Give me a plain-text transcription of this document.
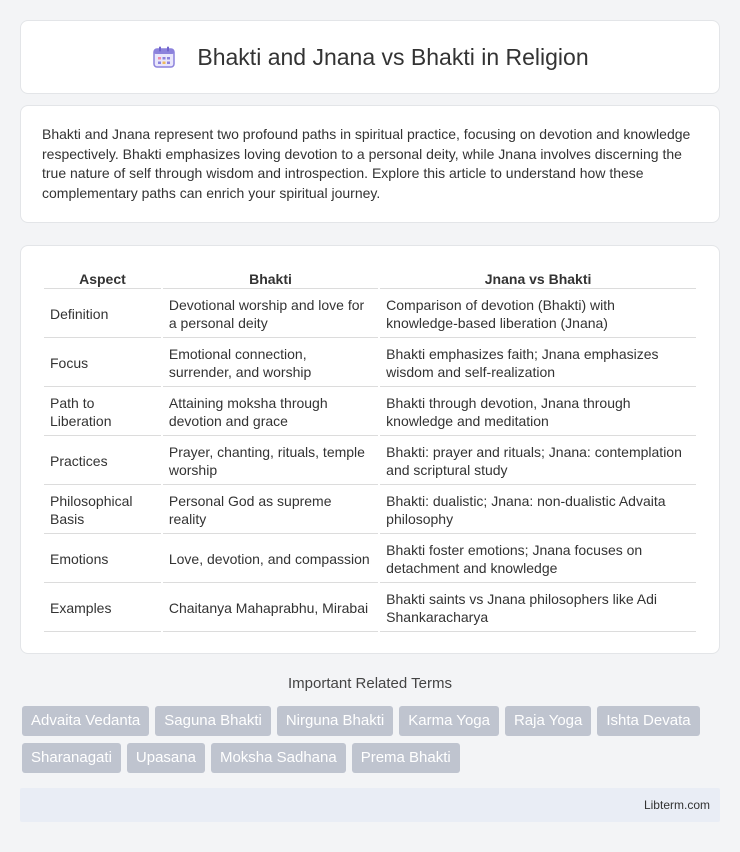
Bhakti and Jnana vs Bhakti in Religion

Bhakti and Jnana represent two profound paths in spiritual practice, focusing on devotion and knowledge respectively. Bhakti emphasizes loving devotion to a personal deity, while Jnana involves discerning the true nature of self through wisdom and introspection. Explore this article to understand how these complementary paths can enrich your spiritual journey.

Aspect	Bhakti	Jnana vs Bhakti
Definition	Devotional worship and love for a personal deity	Comparison of devotion (Bhakti) with knowledge-based liberation (Jnana)
Focus	Emotional connection, surrender, and worship	Bhakti emphasizes faith; Jnana emphasizes wisdom and self-realization
Path to Liberation	Attaining moksha through devotion and grace	Bhakti through devotion, Jnana through knowledge and meditation
Practices	Prayer, chanting, rituals, temple worship	Bhakti: prayer and rituals; Jnana: contemplation and scriptural study
Philosophical Basis	Personal God as supreme reality	Bhakti: dualistic; Jnana: non-dualistic Advaita philosophy
Emotions	Love, devotion, and compassion	Bhakti foster emotions; Jnana focuses on detachment and knowledge
Examples	Chaitanya Mahaprabhu, Mirabai	Bhakti saints vs Jnana philosophers like Adi Shankaracharya
Important Related Terms
Advaita Vedanta	Saguna Bhakti	Nirguna Bhakti	Karma Yoga	Raja Yoga	Ishta Devata
Sharanagati	Upasana	Moksha Sadhana	Prema Bhakti
Libterm.com
